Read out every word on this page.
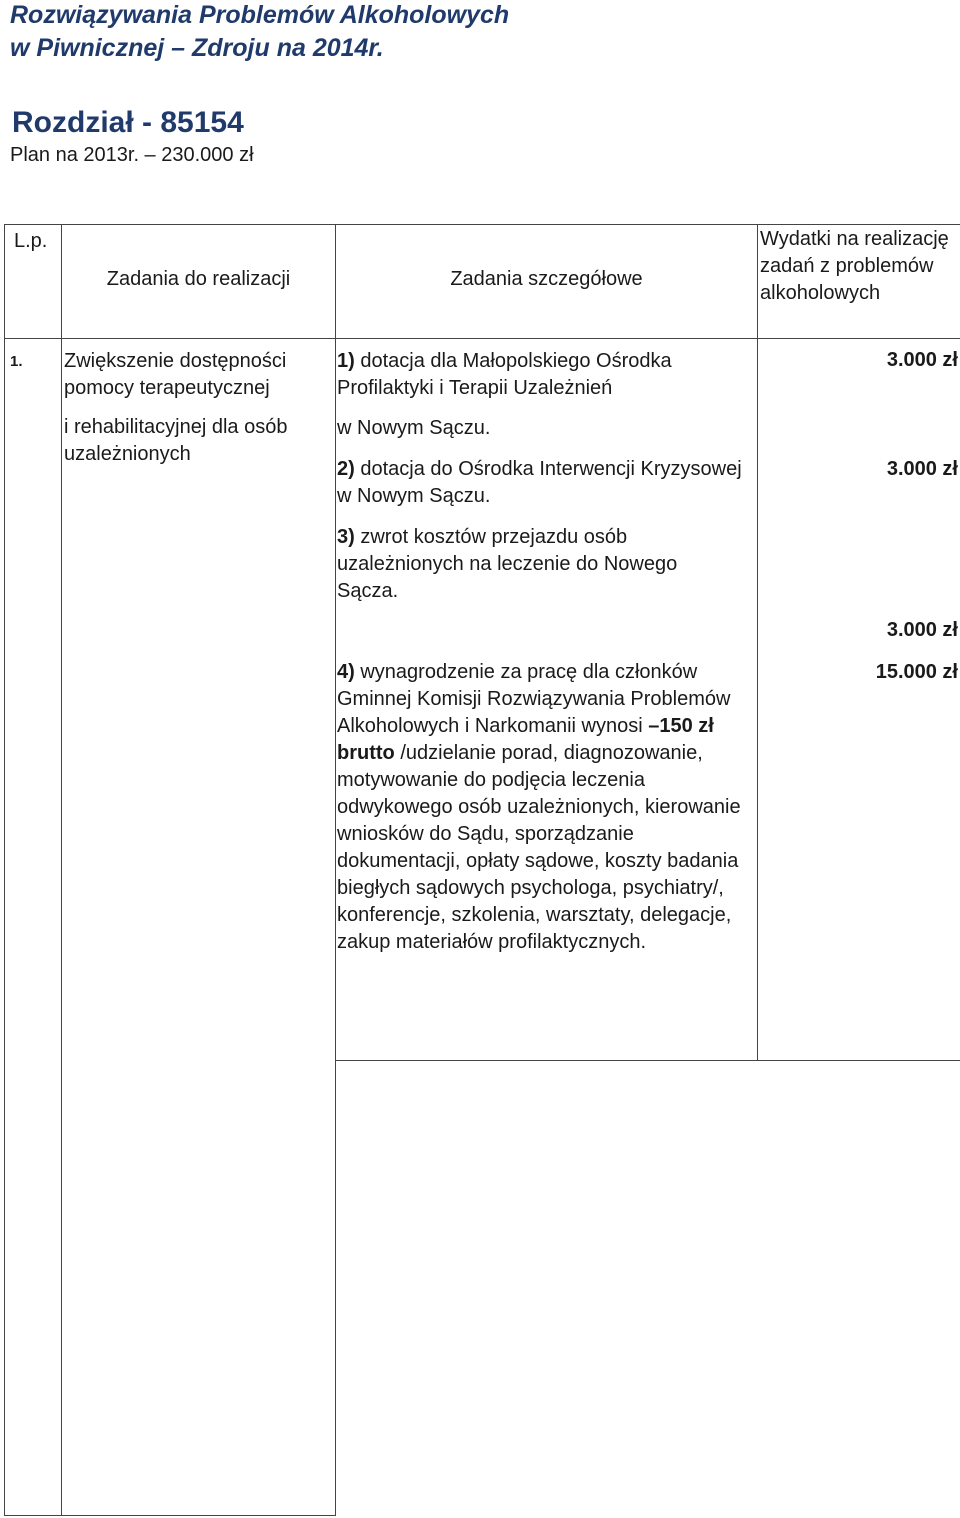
Rozwiązywania Problemów Alkoholowych
w Piwnicznej – Zdroju na 2014r.
Rozdział - 85154
Plan na 2013r. – 230.000 zł
L.p.
Zadania do realizacji	Zadania szczegółowe
Wydatki na realizację zadań z problemów alkoholowych
1. Zwiększenie dostępności pomocy terapeutycznej
i rehabilitacyjnej dla osób uzależnionych
1) dotacja dla Małopolskiego Ośrodka Profilaktyki i Terapii Uzależnień
w Nowym Sączu.
3.000 zł
2) dotacja do Ośrodka Interwencji Kryzysowej w Nowym Sączu.
3.000 zł
3) zwrot kosztów przejazdu osób uzależnionych na leczenie do Nowego Sącza.
3.000 zł
4) wynagrodzenie za pracę dla członków Gminnej Komisji Rozwiązywania Problemów Alkoholowych i Narkomanii wynosi –150 zł brutto /udzielanie porad, diagnozowanie, motywowanie do podjęcia leczenia odwykowego osób uzależnionych, kierowanie wniosków do Sądu, sporządzanie dokumentacji, opłaty sądowe, koszty badania biegłych sądowych psychologa, psychiatry/, konferencje, szkolenia, warsztaty, delegacje, zakup materiałów profilaktycznych.
15.000 zł
